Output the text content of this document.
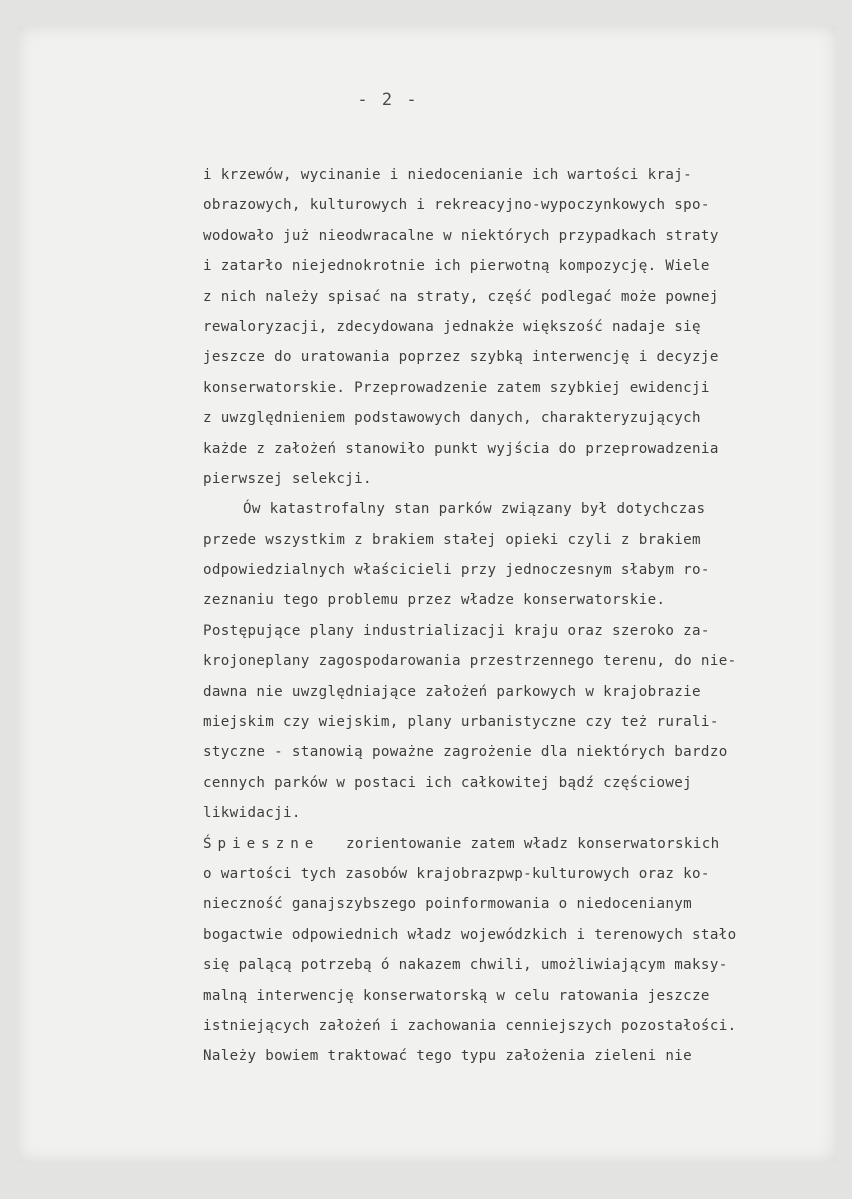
- 2 -
i krzewów, wycinanie i niedocenianie ich wartości kraj-
obrazowych, kulturowych i rekreacyjno-wypoczynkowych spo-
wodowało już nieodwracalne w niektórych przypadkach straty
i zatarło niejednokrotnie ich pierwotną kompozycję. Wiele
z nich należy spisać na straty, część podlegać może pownej
rewaloryzacji, zdecydowana jednakże większość nadaje się
jeszcze do uratowania poprzez szybką interwencję i decyzje
konserwatorskie. Przeprowadzenie zatem szybkiej ewidencji
z uwzględnieniem podstawowych danych, charakteryzujących
każde z założeń stanowiło punkt wyjścia do przeprowadzenia
pierwszej selekcji.
Ów katastrofalny stan parków związany był dotychczas
przede wszystkim z brakiem stałej opieki czyli z brakiem
odpowiedzialnych właścicieli przy jednoczesnym słabym ro-
zeznaniu tego problemu przez władze konserwatorskie.
Postępujące plany industrializacji kraju oraz szeroko za-
krojoneplany zagospodarowania przestrzennego terenu, do nie-
dawna nie uwzględniające założeń parkowych w krajobrazie
miejskim czy wiejskim, plany urbanistyczne czy też rurali-
styczne - stanowią poważne zagrożenie dla niektórych bardzo
cennych parków w postaci ich całkowitej bądź częściowej
likwidacji.
Śpieszne zorientowanie zatem władz konserwatorskich
o wartości tych zasobów krajobrazpwp-kulturowych oraz ko-
nieczność ganajszybszego poinformowania o niedocenianym
bogactwie odpowiednich władz wojewódzkich i terenowych stało
się palącą potrzebą ó nakazem chwili, umożliwiającym maksy-
malną interwencję konserwatorską w celu ratowania jeszcze
istniejących założeń i zachowania cenniejszych pozostałości.
Należy bowiem traktować tego typu założenia zieleni nie
